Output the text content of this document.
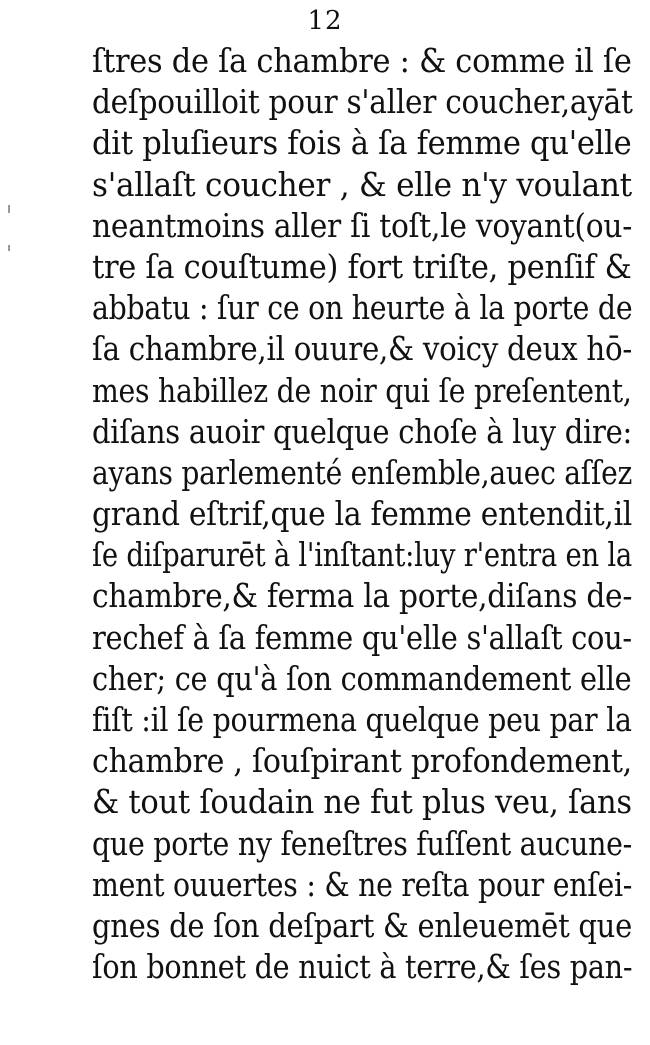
12
ſtres de ſa chambre : & comme il ſe
deſpouilloit pour s'aller coucher,ayāt
dit pluſieurs fois à ſa femme qu'elle
s'allaſt coucher , & elle n'y voulant
neantmoins aller ſi toſt,le voyant(ou-
tre ſa couſtume) fort triſte, penſif &
abbatu : ſur ce on heurte à la porte de
ſa chambre,il ouure,& voicy deux hō-
mes habillez de noir qui ſe preſentent,
diſans auoir quelque choſe à luy dire:
ayans parlementé enſemble,auec aſſez
grand eſtrif,que la femme entendit,il
ſe diſparurēt à l'inſtant:luy r'entra en la
chambre,& ferma la porte,diſans de-
rechef à ſa femme qu'elle s'allaſt cou-
cher; ce qu'à ſon commandement elle
fiſt :il ſe pourmena quelque peu par la
chambre , ſouſpirant profondement,
& tout ſoudain ne fut plus veu, ſans
que porte ny feneſtres fuſſent aucune-
ment ouuertes : & ne reſta pour enſei-
gnes de ſon deſpart & enleuemēt que
ſon bonnet de nuict à terre,& ſes pan-
